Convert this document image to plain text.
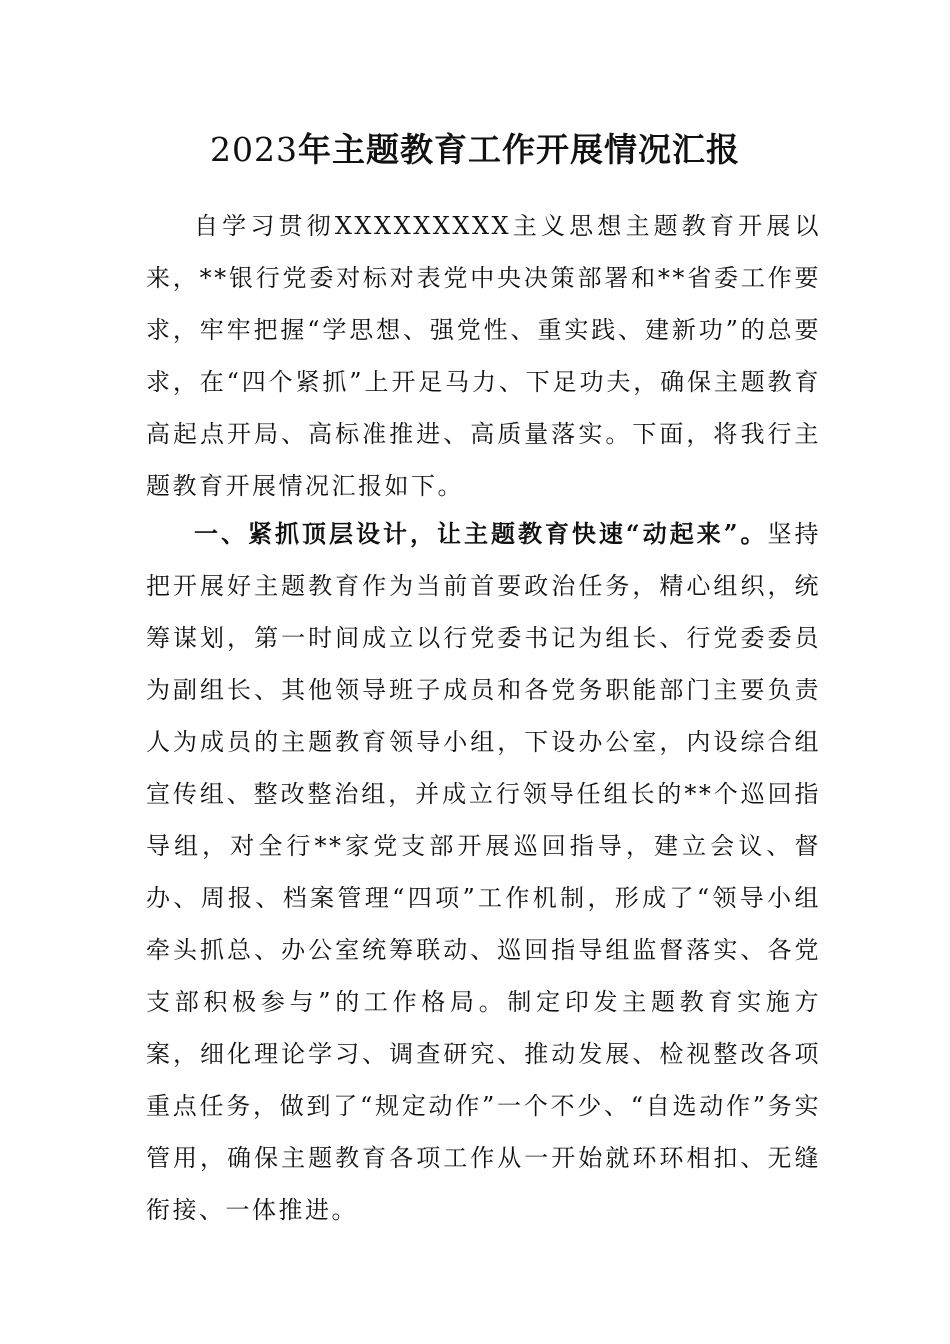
2023年主题教育工作开展情况汇报

自学习贯彻XXXXXXXXX主义思想主题教育开展以来，**银行党委对标对表党中央决策部署和**省委工作要求，牢牢把握“学思想、强党性、重实践、建新功”的总要求，在“四个紧抓”上开足马力、下足功夫，确保主题教育高起点开局、高标准推进、高质量落实。下面，将我行主题教育开展情况汇报如下。

一、紧抓顶层设计，让主题教育快速“动起来”。坚持把开展好主题教育作为当前首要政治任务，精心组织，统筹谋划，第一时间成立以行党委书记为组长、行党委委员为副组长、其他领导班子成员和各党务职能部门主要负责人为成员的主题教育领导小组，下设办公室，内设综合组宣传组、整改整治组，并成立行领导任组长的**个巡回指导组，对全行**家党支部开展巡回指导，建立会议、督办、周报、档案管理“四项”工作机制，形成了“领导小组牵头抓总、办公室统筹联动、巡回指导组监督落实、各党支部积极参与”的工作格局。制定印发主题教育实施方案，细化理论学习、调查研究、推动发展、检视整改各项重点任务，做到了“规定动作”一个不少、“自选动作”务实管用，确保主题教育各项工作从一开始就环环相扣、无缝衔接、一体推进。
